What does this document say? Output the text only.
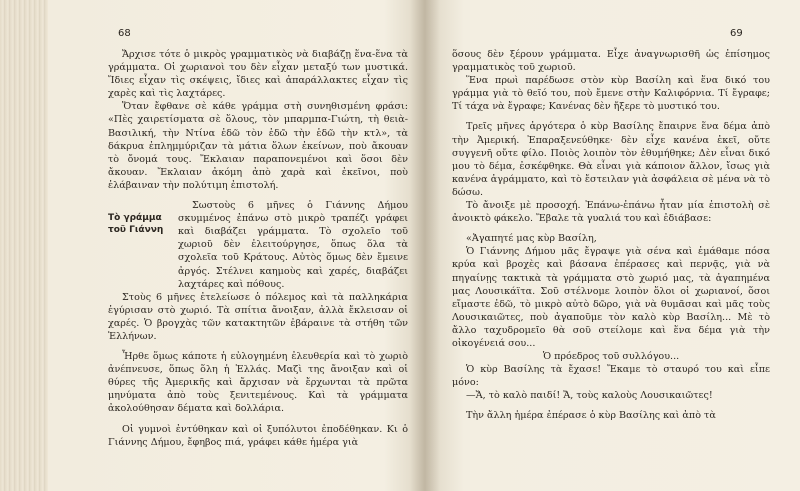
68

Ἄρχισε τότε ὁ μικρὸς γραμματικὸς νὰ διαβάζῃ ἕνα-ἕνα τὰ γράμματα. Οἱ χωριανοὶ του δὲν εἶχαν μεταξύ των μυστικά. Ἴδιες εἶχαν τὶς σκέψεις, ἴδιες καὶ ἀπαράλλακτες εἶχαν τὶς χαρὲς καὶ τὶς λαχτάρες.

Ὅταν ἔφθανε σὲ κάθε γράμμα στὴ συνηθισμένη φράσι: «Πὲς χαιρετίσματα σὲ ὅλους, τὸν μπαρμπα-Γιώτη, τὴ θειὰ-Βασιλική, τὴν Ντίνα ἐδῶ τὸν ἑδῶ τὴν ἑδῶ τὴν κτλ», τὰ δάκρυα ἐπλημμύριζαν τὰ μάτια ὅλων ἐκείνων, ποὺ ἄκουαν τὸ ὄνομά τους. Ἔκλαιαν παραπονεμένοι καὶ ὅσοι δὲν ἄκουαν. Ἔκλαιαν ἀκόμη ἀπὸ χαρὰ καὶ ἐκεῖνοι, ποὺ ἐλάβαιναν τὴν πολύτιμη ἐπιστολή.

Σωστοὺς 6 μῆνες ὁ Γιάννης Δήμου σκυμμένος ἐπάνω στὸ μικρὸ τραπέζι γράφει καὶ διαβάζει γράμματα. Τὸ σχολεῖο τοῦ χωριοῦ δὲν ἐλειτούργησε, ὅπως ὅλα τὰ σχολεῖα τοῦ Κράτους. Αὐτὸς ὅμως δὲν ἔμεινε ἀργός. Στέλνει καημοὺς καὶ χαρές, διαβάζει λαχτάρες καὶ πόθους.

Στοὺς 6 μῆνες ἐτελείωσε ὁ πόλεμος καὶ τὰ παλληκάρια ἐγύρισαν στὸ χωριό. Τὰ σπίτια ἄνοιξαν, ἀλλὰ ἔκλεισαν οἱ χαρές. Ὁ βρογχὰς τῶν κατακτητῶν ἐβάραινε τὰ στήθη τῶν Ἑλλήνων.

Ἦρθε ὅμως κάποτε ἡ εὐλογημένη ἐλευθερία καὶ τὸ χωριὸ ἀνέπνευσε, ὅπως ὅλη ἡ Ἑλλάς. Μαζὶ της ἄνοιξαν καὶ οἱ θύρες τῆς Ἀμερικῆς καὶ ἄρχισαν νὰ ἔρχωνται τὰ πρῶτα μηνύματα ἀπὸ τοὺς ξενιτεμένους. Καὶ τὰ γράμματα ἀκολούθησαν δέματα καὶ δολλάρια.

Οἱ γυμνοὶ ἐντύθηκαν καὶ οἱ ξυπόλυτοι ἐποδέθηκαν. Κι ὁ Γιάννης Δήμου, ἔφηβος πιά, γράφει κάθε ἡμέρα γιὰ

Τὸ γράμμα τοῦ Γιάννη
69

ὅσους δὲν ξέρουν γράμματα. Εἶχε ἀναγνωρισθῆ ὡς ἐπίσημος γραμματικὸς τοῦ χωριοῦ.

Ἕνα πρωὶ παρέδωσε στὸν κὺρ Βασίλη καὶ ἕνα δικό του γράμμα γιὰ τὸ θεῖό του, ποὺ ἔμενε στὴν Καλιφόρνια. Τί ἔγραφε; Τί τάχα νὰ ἔγραφε; Κανένας δὲν ἤξερε τὸ μυστικό του.

Τρεῖς μῆνες ἀργότερα ὁ κὺρ Βασίλης ἔπαιρνε ἕνα δέμα ἀπὸ τὴν Ἀμερική. Ἐπαραξενεύθηκε· δὲν εἶχε κανένα ἐκεῖ, οὔτε συγγενῆ οὔτε φίλο. Ποιὸς λοιπὸν τὸν ἐθυμήθηκε; Δὲν εἶναι δικό μου τὸ δέμα, ἐσκέφθηκε. Θὰ εἶναι γιὰ κάποιον ἄλλον, ἴσως γιὰ κανένα ἀγράμματο, καὶ τὸ ἔστειλαν γιὰ ἀσφάλεια σὲ μένα νὰ τὸ δώσω.

Τὸ ἄνοιξε μὲ προσοχή. Ἐπάνω-ἐπάνω ἦταν μία ἐπιστολὴ σὲ ἀνοικτὸ φάκελο. Ἔβαλε τὰ γυαλιά του καὶ ἐδιάβασε:

«Ἀγαπητέ μας κὺρ Βασίλη,

Ὁ Γιάννης Δήμου μᾶς ἔγραψε γιὰ σένα καὶ ἐμάθαμε πόσα κρύα καὶ βροχὲς καὶ βάσανα ἐπέρασες καὶ περνᾷς, γιὰ νὰ πηγαίνῃς τακτικὰ τὰ γράμματα στὸ χωριό μας, τὰ ἀγαπημένα μας Λουσικάϊτα. Σοῦ στέλνομε λοιπὸν ὅλοι οἱ χωριανοί, ὅσοι εἴμαστε ἐδῶ, τὸ μικρὸ αὐτὸ δῶρο, γιὰ νὰ θυμᾶσαι καὶ μᾶς τοὺς Λουσικαιῶτες, ποὺ ἀγαποῦμε τὸν καλὸ κὺρ Βασίλη... Μὲ τὸ ἄλλο ταχυδρομεῖο θὰ σοῦ στείλομε καὶ ἕνα δέμα γιὰ τὴν οἰκογένειά σου...

Ὁ πρόεδρος τοῦ συλλόγου...

Ὁ κὺρ Βασίλης τὰ ἔχασε! Ἔκαμε τὸ σταυρό του καὶ εἶπε μόνο:

—Ἄ, τὸ καλὸ παιδί! Ἄ, τοὺς καλοὺς Λουσικαιῶτες!

Τὴν ἄλλη ἡμέρα ἐπέρασε ὁ κὺρ Βασίλης καὶ ἀπὸ τὰ
